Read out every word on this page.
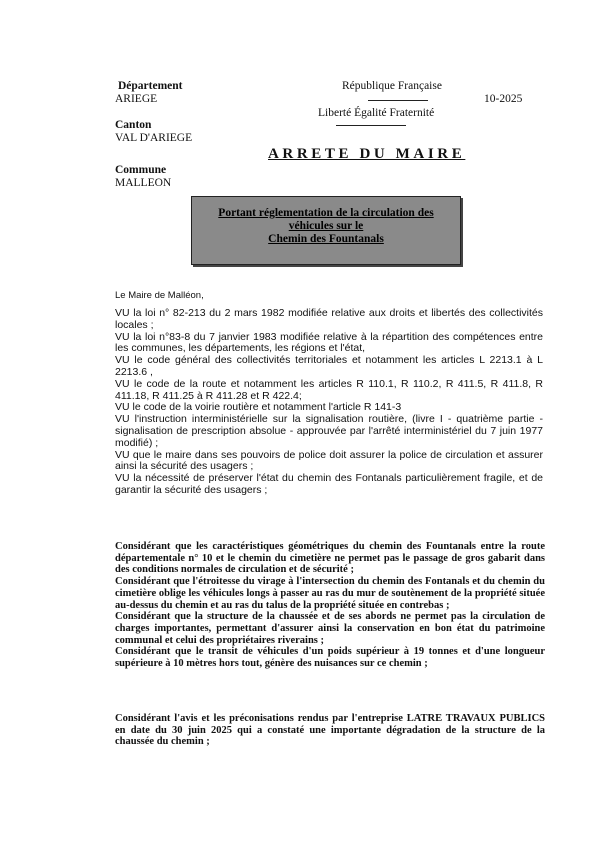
Département
ARIEGE
Canton
VAL D'ARIEGE
Commune
MALLEON
République Française
10-2025
Liberté Égalité Fraternité
ARRETE DU MAIRE
Portant réglementation de la circulation des
véhicules sur le
Chemin des Fountanals
Le Maire de Malléon,

VU la loi n° 82-213 du 2 mars 1982 modifiée relative aux droits et libertés des collectivités locales ;

VU la loi n°83-8 du 7 janvier 1983 modifiée relative à la répartition des compétences entre les communes, les départements, les régions et l'état,

VU le code général des collectivités territoriales et notamment les articles L 2213.1 à L 2213.6 ,

VU le code de la route et notamment les articles R 110.1, R 110.2, R 411.5, R 411.8, R 411.18, R 411.25 à R 411.28 et R 422.4;

VU le code de la voirie routière et notamment l'article R 141-3

VU l'instruction interministérielle sur la signalisation routière, (livre I - quatrième partie - signalisation de prescription absolue - approuvée par l'arrêté interministériel du 7 juin 1977 modifié) ;

VU que le maire dans ses pouvoirs de police doit assurer la police de circulation et assurer ainsi la sécurité des usagers ;

VU la nécessité de préserver l'état du chemin des Fontanals particulièrement fragile, et de garantir la sécurité des usagers ;

Considérant que les caractéristiques géométriques du chemin des Fountanals entre la route départementale n° 10 et le chemin du cimetière ne permet pas le passage de gros gabarit dans des conditions normales de circulation et de sécurité ;

Considérant que l'étroitesse du virage à l'intersection du chemin des Fontanals et du chemin du cimetière oblige les véhicules longs à passer au ras du mur de soutènement de la propriété située au-dessus du chemin et au ras du talus de la propriété située en contrebas ;

Considérant que la structure de la chaussée et de ses abords ne permet pas la circulation de charges importantes, permettant d'assurer ainsi la conservation en bon état du patrimoine communal et celui des propriétaires riverains ;

Considérant que le transit de véhicules d'un poids supérieur à 19 tonnes et d'une longueur supérieure à 10 mètres hors tout, génère des nuisances sur ce chemin ;

Considérant l'avis et les préconisations rendus par l'entreprise LATRE TRAVAUX PUBLICS en date du 30 juin 2025 qui a constaté une importante dégradation de la structure de la chaussée du chemin ;
